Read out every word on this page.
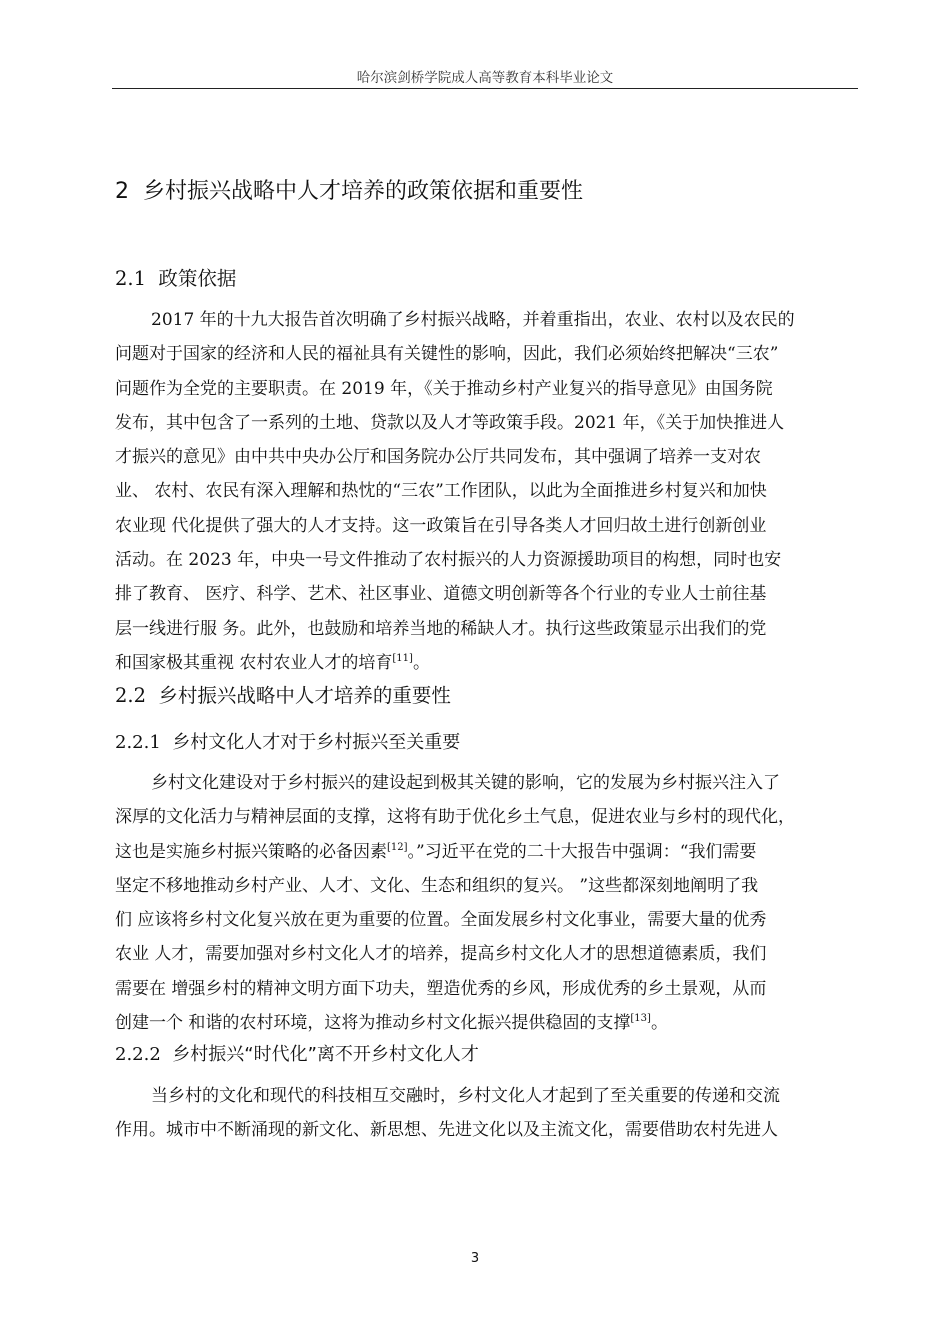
哈尔滨剑桥学院成人高等教育本科毕业论文
2 乡村振兴战略中人才培养的政策依据和重要性
2.1 政策依据
2017 年的十九大报告首次明确了乡村振兴战略，并着重指出，农业、农村以及农民的
问题对于国家的经济和人民的福祉具有关键性的影响，因此，我们必须始终把解决“三农”
问题作为全党的主要职责。在 2019 年，《关于推动乡村产业复兴的指导意见》由国务院
发布，其中包含了一系列的土地、贷款以及人才等政策手段。2021 年，《关于加快推进人
才振兴的意见》由中共中央办公厅和国务院办公厅共同发布，其中强调了培养一支对农
业、 农村、农民有深入理解和热忱的“三农”工作团队，以此为全面推进乡村复兴和加快
农业现 代化提供了强大的人才支持。这一政策旨在引导各类人才回归故土进行创新创业
活动。在 2023 年，中央一号文件推动了农村振兴的人力资源援助项目的构想，同时也安
排了教育、 医疗、科学、艺术、社区事业、道德文明创新等各个行业的专业人士前往基
层一线进行服 务。此外，也鼓励和培养当地的稀缺人才。执行这些政策显示出我们的党
和国家极其重视 农村农业人才的培育[11]。
2.2 乡村振兴战略中人才培养的重要性
2.2.1 乡村文化人才对于乡村振兴至关重要
乡村文化建设对于乡村振兴的建设起到极其关键的影响，它的发展为乡村振兴注入了
深厚的文化活力与精神层面的支撑，这将有助于优化乡土气息，促进农业与乡村的现代化，
这也是实施乡村振兴策略的必备因素[12]。”习近平在党的二十大报告中强调：“我们需要
坚定不移地推动乡村产业、人才、文化、生态和组织的复兴。 ”这些都深刻地阐明了我
们 应该将乡村文化复兴放在更为重要的位置。全面发展乡村文化事业，需要大量的优秀
农业 人才，需要加强对乡村文化人才的培养，提高乡村文化人才的思想道德素质，我们
需要在 增强乡村的精神文明方面下功夫，塑造优秀的乡风，形成优秀的乡土景观，从而
创建一个 和谐的农村环境，这将为推动乡村文化振兴提供稳固的支撑[13]。
2.2.2 乡村振兴“时代化”离不开乡村文化人才
当乡村的文化和现代的科技相互交融时，乡村文化人才起到了至关重要的传递和交流
作用。城市中不断涌现的新文化、新思想、先进文化以及主流文化，需要借助农村先进人
3
